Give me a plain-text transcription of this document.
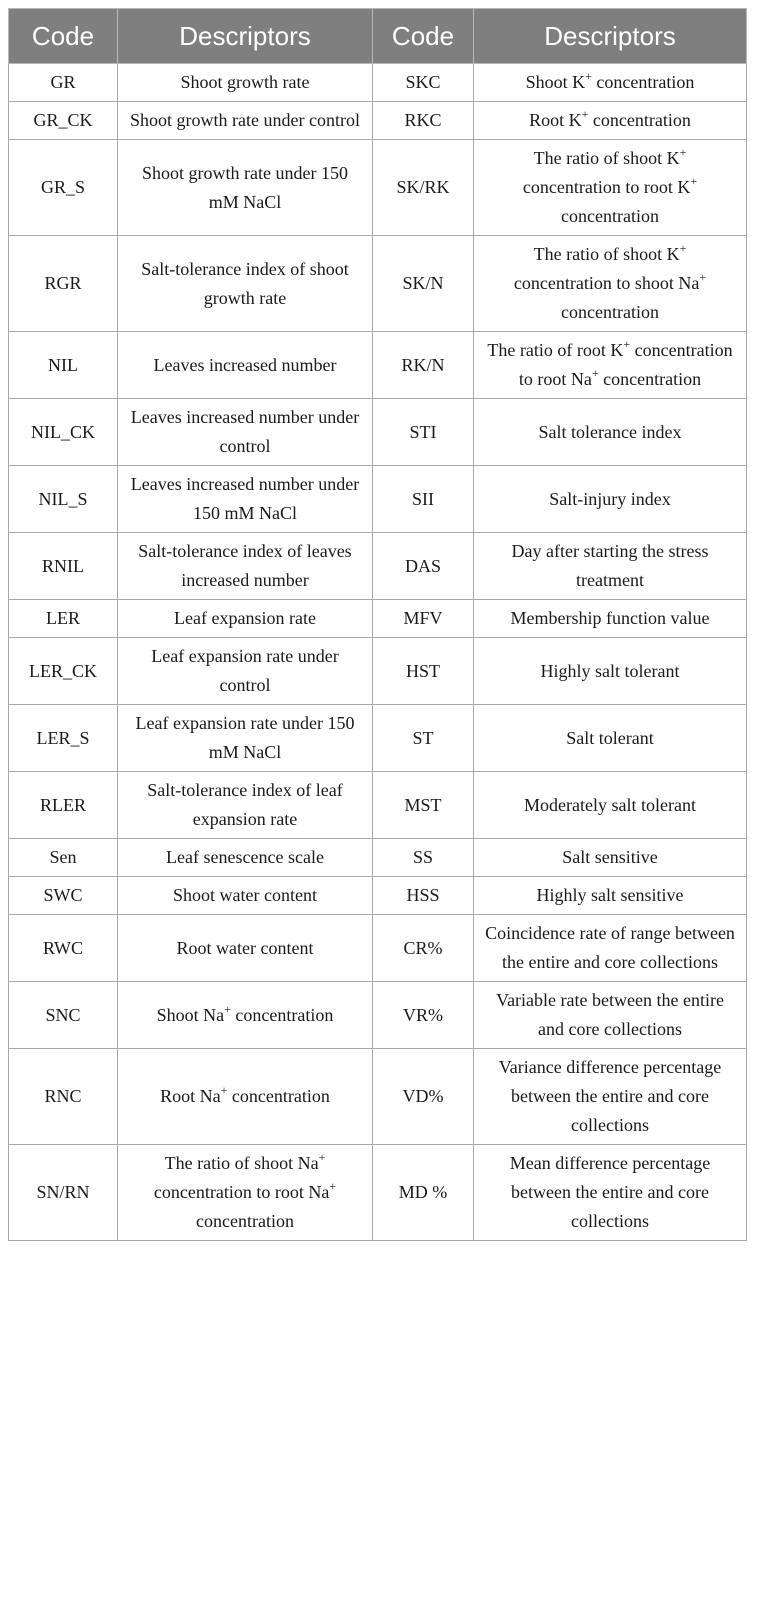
Code	Descriptors	Code	Descriptors
GR	Shoot growth rate	SKC	Shoot K+ concentration
GR_CK	Shoot growth rate under control	RKC	Root K+ concentration
GR_S	Shoot growth rate under 150 mM NaCl	SK/RK	The ratio of shoot K+ concentration to root K+ concentration
RGR	Salt-tolerance index of shoot growth rate	SK/N	The ratio of shoot K+ concentration to shoot Na+ concentration
NIL	Leaves increased number	RK/N	The ratio of root K+ concentration to root Na+ concentration
NIL_CK	Leaves increased number under control	STI	Salt tolerance index
NIL_S	Leaves increased number under 150 mM NaCl	SII	Salt-injury index
RNIL	Salt-tolerance index of leaves increased number	DAS	Day after starting the stress treatment
LER	Leaf expansion rate	MFV	Membership function value
LER_CK	Leaf expansion rate under control	HST	Highly salt tolerant
LER_S	Leaf expansion rate under 150 mM NaCl	ST	Salt tolerant
RLER	Salt-tolerance index of leaf expansion rate	MST	Moderately salt tolerant
Sen	Leaf senescence scale	SS	Salt sensitive
SWC	Shoot water content	HSS	Highly salt sensitive
RWC	Root water content	CR%	Coincidence rate of range between the entire and core collections
SNC	Shoot Na+ concentration	VR%	Variable rate between the entire and core collections
RNC	Root Na+ concentration	VD%	Variance difference percentage between the entire and core collections
SN/RN	The ratio of shoot Na+ concentration to root Na+ concentration	MD %	Mean difference percentage between the entire and core collections
